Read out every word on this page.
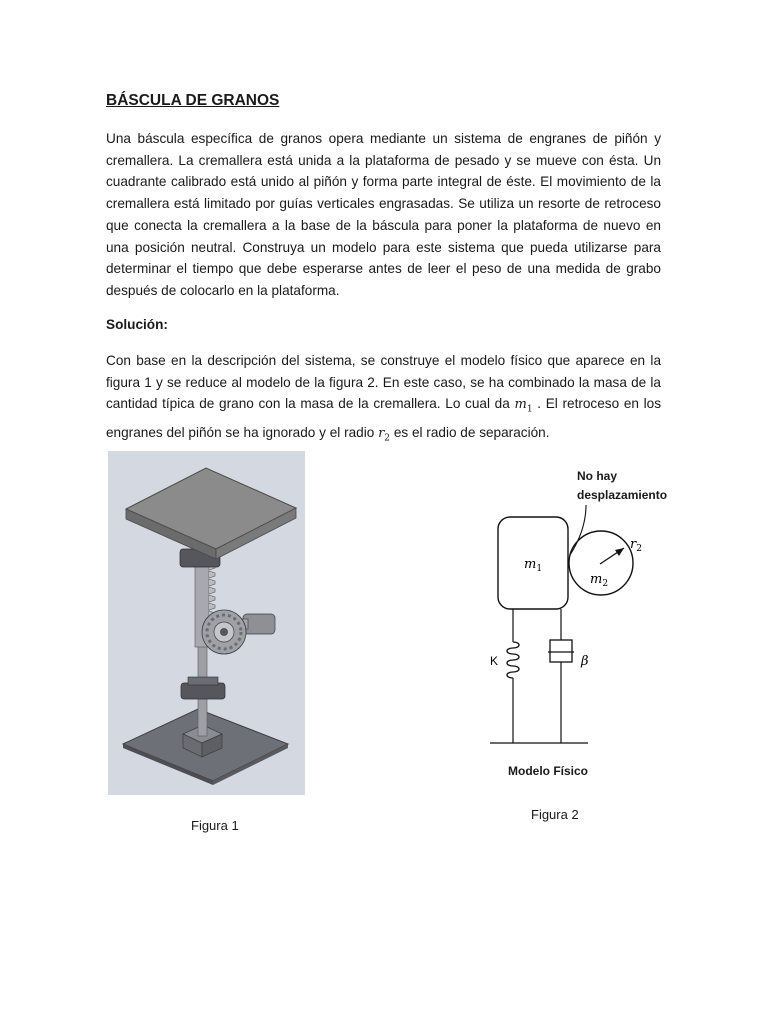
BÁSCULA DE GRANOS

Una báscula específica de granos opera mediante un sistema de engranes de piñón y cremallera. La cremallera está unida a la plataforma de pesado y se mueve con ésta. Un cuadrante calibrado está unido al piñón y forma parte integral de éste. El movimiento de la cremallera está limitado por guías verticales engrasadas. Se utiliza un resorte de retroceso que conecta la cremallera a la base de la báscula para poner la plataforma de nuevo en una posición neutral. Construya un modelo para este sistema que pueda utilizarse para determinar el tiempo que debe esperarse antes de leer el peso de una medida de grabo después de colocarlo en la plataforma.

Solución:

Con base en la descripción del sistema, se construye el modelo físico que aparece en la figura 1 y se reduce al modelo de la figura 2. En este caso, se ha combinado la masa de la cantidad típica de grano con la masa de la cremallera. Lo cual da $m_1$ . El retroceso en los engranes del piñón se ha ignorado y el radio $r_2$ es el radio de separación.

Figura 1
$m_1$
$r_2$
$m_2$
K	β
No hay
desplazamiento
Modelo Físico
Figura 2
